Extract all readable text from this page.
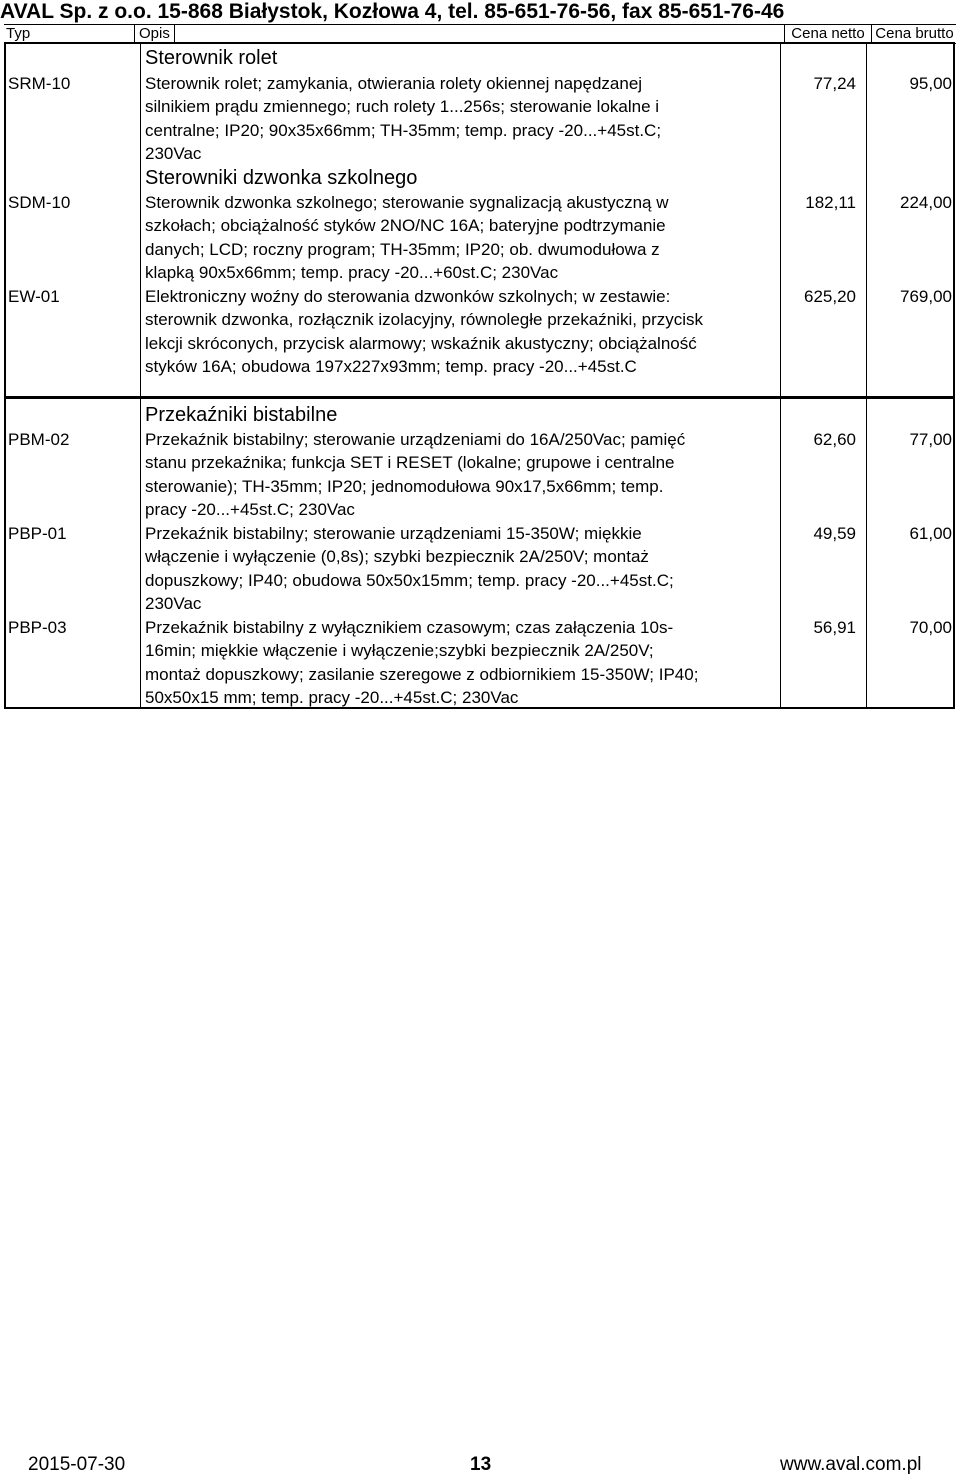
AVAL Sp. z o.o. 15-868 Białystok, Kozłowa 4, tel. 85-651-76-56, fax 85-651-76-46
Typ	Opis	Cena netto Cena brutto
Sterownik rolet
SRM-10	Sterownik rolet; zamykania, otwierania rolety okiennej napędzanej
silnikiem prądu zmiennego; ruch rolety 1...256s; sterowanie lokalne i
centralne; IP20; 90x35x66mm; TH-35mm; temp. pracy -20...+45st.C;
230Vac
77,24	95,00
Sterowniki dzwonka szkolnego
SDM-10	Sterownik dzwonka szkolnego; sterowanie sygnalizacją akustyczną w
szkołach; obciążalność styków 2NO/NC 16A; bateryjne podtrzymanie
danych; LCD; roczny program; TH-35mm; IP20; ob. dwumodułowa z
klapką 90x5x66mm; temp. pracy -20...+60st.C; 230Vac
182,11	224,00
EW-01	Elektroniczny woźny do sterowania dzwonków szkolnych; w zestawie:
sterownik dzwonka, rozłącznik izolacyjny, równoległe przekaźniki, przycisk
lekcji skróconych, przycisk alarmowy; wskaźnik akustyczny; obciążalność
styków 16A; obudowa 197x227x93mm; temp. pracy -20...+45st.C
625,20	769,00
Przekaźniki bistabilne
PBM-02	Przekaźnik bistabilny; sterowanie urządzeniami do 16A/250Vac; pamięć
stanu przekaźnika; funkcja SET i RESET (lokalne; grupowe i centralne
sterowanie); TH-35mm; IP20; jednomodułowa 90x17,5x66mm; temp.
pracy -20...+45st.C; 230Vac
62,60	77,00
PBP-01	Przekaźnik bistabilny; sterowanie urządzeniami 15-350W; miękkie
włączenie i wyłączenie (0,8s); szybki bezpiecznik 2A/250V; montaż
dopuszkowy; IP40; obudowa 50x50x15mm; temp. pracy -20...+45st.C;
230Vac
49,59	61,00
PBP-03	Przekaźnik bistabilny z wyłącznikiem czasowym; czas załączenia 10s-
16min; miękkie włączenie i wyłączenie;szybki bezpiecznik 2A/250V;
montaż dopuszkowy; zasilanie szeregowe z odbiornikiem 15-350W; IP40;
50x50x15 mm; temp. pracy -20...+45st.C; 230Vac
56,91	70,00
2015-07-30	13	www.aval.com.pl
